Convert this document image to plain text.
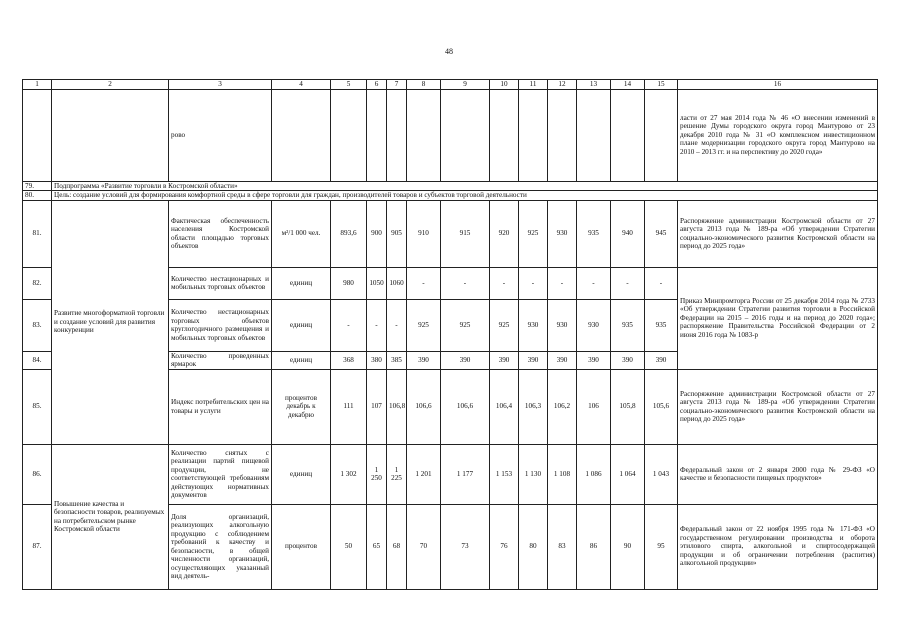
48
1	2	3	4	5	6	7	8	9	10	11	12	13	14	15	16
		рово													ласти от 27 мая 2014 года № 46 «О внесении изменений в решение Думы городского округа город Мантурово от 23 декабря 2010 года № 31 «О комплексном инвестиционном плане модернизации городского округа город Мантурово на 2010 – 2013 гг. и на перспективу до 2020 года»
79.	Подпрограмма «Развитие торговли в Костромской области»														
80.	Цель: создание условий для формирования комфортной среды в сфере торговли для граждан, производителей товаров и субъектов торговой деятельности														
81.	Развитие многоформатной торговли и создание условий для развития конкуренции	Фактическая обеспеченность населения Костромской области площадью торговых объектов	м²/1 000 чел.	893,6	900	905	910	915	920	925	930	935	940	945	Распоряжение администрации Костромской области от 27 августа 2013 года № 189-ра «Об утверждении Стратегии социально-экономического развития Костромской области на период до 2025 года»
82.		Количество нестационарных и мобильных торговых объектов	единиц	980	1050	1060	-	-	-	-	-	-	-	-	Приказ Минпромторга России от 25 декабря 2014 года № 2733 «Об утверждении Стратегии развития торговли в Российской Федерации на 2015 – 2016 годы и на период до 2020 года»; распоряжение Правительства Российской Федерации от 2 июня 2016 года № 1083-р
83.		Количество нестационарных торговых объектов круглогодичного размещения и мобильных торговых объектов	единиц	-	-	-	925	925	925	930	930	930	935	935	
84.		Количество проведенных ярмарок	единиц	368	380	385	390	390	390	390	390	390	390	390	
85.		Индекс потребительских цен на товары и услуги	процентов декабрь к декабрю	111	107	106,8	106,6	106,6	106,4	106,3	106,2	106	105,8	105,6	Распоряжение администрации Костромской области от 27 августа 2013 года № 189-ра «Об утверждении Стратегии социально-экономического развития Костромской области на период до 2025 года»
86.	Повышение качества и безопасности товаров, реализуемых на потребительском рынке Костромской области	Количество снятых с реализации партий пищевой продукции, не соответствующей требованиям действующих нормативных документов	единиц	1 302	1 250	1 225	1 201	1 177	1 153	1 130	1 108	1 086	1 064	1 043	Федеральный закон от 2 января 2000 года № 29-ФЗ «О качестве и безопасности пищевых продуктов»
87.		Доля организаций, реализующих алкогольную продукцию с соблюдением требований к качеству и безопасности, в общей численности организаций, осуществляющих указанный вид деятель-	процентов	50	65	68	70	73	76	80	83	86	90	95	Федеральный закон от 22 ноября 1995 года № 171-ФЗ «О государственном регулировании производства и оборота этилового спирта, алкогольной и спиртосодержащей продукции и об ограничении потребления (распития) алкогольной продукции»
